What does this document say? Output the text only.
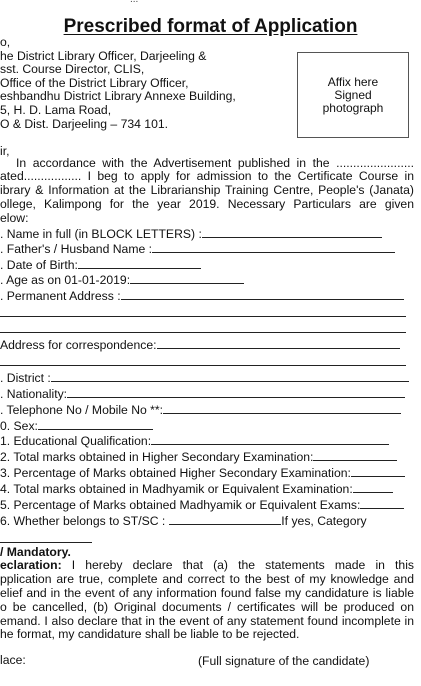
Prescribed format of Application
o,
he District Library Officer, Darjeeling &
sst. Course Director, CLIS,
Office of the District Library Officer,
eshbandhu District Library Annexe Building,
5, H. D. Lama Road,
O & Dist. Darjeeling – 734 101.
Affix here
Signed
photograph
ir,
In accordance with the Advertisement published in the .......................
ated................. I beg to apply for admission to the Certificate Course in
ibrary & Information at the Librarianship Training Centre, People's (Janata)
ollege, Kalimpong for the year 2019. Necessary Particulars are given
elow:
. Name in full (in BLOCK LETTERS) :
. Father's / Husband Name :
. Date of Birth:
. Age as on 01-01-2019:
. Permanent Address :
Address for correspondence:
. District :
. Nationality:
. Telephone No / Mobile No **:
0. Sex:
1. Educational Qualification:
2. Total marks obtained in Higher Secondary Examination:
3. Percentage of Marks obtained Higher Secondary Examination:
4. Total marks obtained in Madhyamik or Equivalent Examination:
5. Percentage of Marks obtained Madhyamik or Equivalent Exams:
6. Whether belongs to ST/SC :	If yes, Category
/ Mandatory.
eclaration: I hereby declare that (a) the statements made in this
pplication are true, complete and correct to the best of my knowledge and
elief and in the event of any information found false my candidature is liable
o be cancelled, (b) Original documents / certificates will be produced on
emand. I also declare that in the event of any statement found incomplete in
he format, my candidature shall be liable to be rejected.
lace:	(Full signature of the candidate)
